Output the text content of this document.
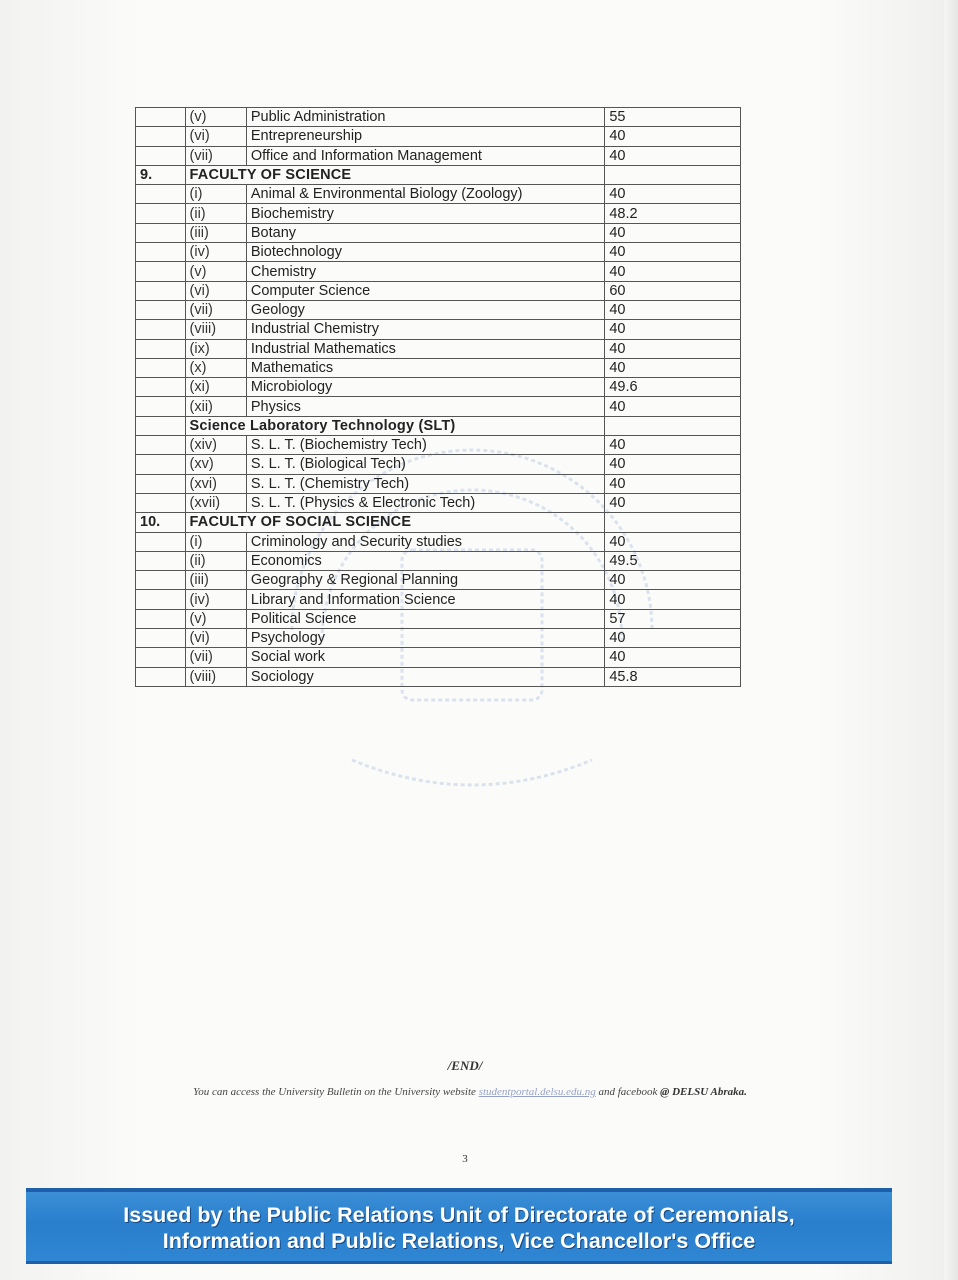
	(v)	Public Administration	55
	(vi)	Entrepreneurship	40
	(vii)	Office and Information Management	40
9.	FACULTY OF SCIENCE		
	(i)	Animal & Environmental Biology (Zoology)	40
	(ii)	Biochemistry	48.2
	(iii)	Botany	40
	(iv)	Biotechnology	40
	(v)	Chemistry	40
	(vi)	Computer Science	60
	(vii)	Geology	40
	(viii)	Industrial Chemistry	40
	(ix)	Industrial Mathematics	40
	(x)	Mathematics	40
	(xi)	Microbiology	49.6
	(xii)	Physics	40
	Science Laboratory Technology (SLT)		
	(xiv)	S. L. T. (Biochemistry Tech)	40
	(xv)	S. L. T. (Biological Tech)	40
	(xvi)	S. L. T. (Chemistry Tech)	40
	(xvii)	S. L. T. (Physics & Electronic Tech)	40
10.	FACULTY OF SOCIAL SCIENCE		
	(i)	Criminology and Security studies	40
	(ii)	Economics	49.5
	(iii)	Geography & Regional Planning	40
	(iv)	Library and Information Science	40
	(v)	Political Science	57
	(vi)	Psychology	40
	(vii)	Social work	40
	(viii)	Sociology	45.8
/END/
You can access the University Bulletin on the University website studentportal.delsu.edu.ng and facebook @ DELSU Abraka.
3
Issued by the Public Relations Unit of Directorate of Ceremonials,
Information and Public Relations, Vice Chancellor's Office
